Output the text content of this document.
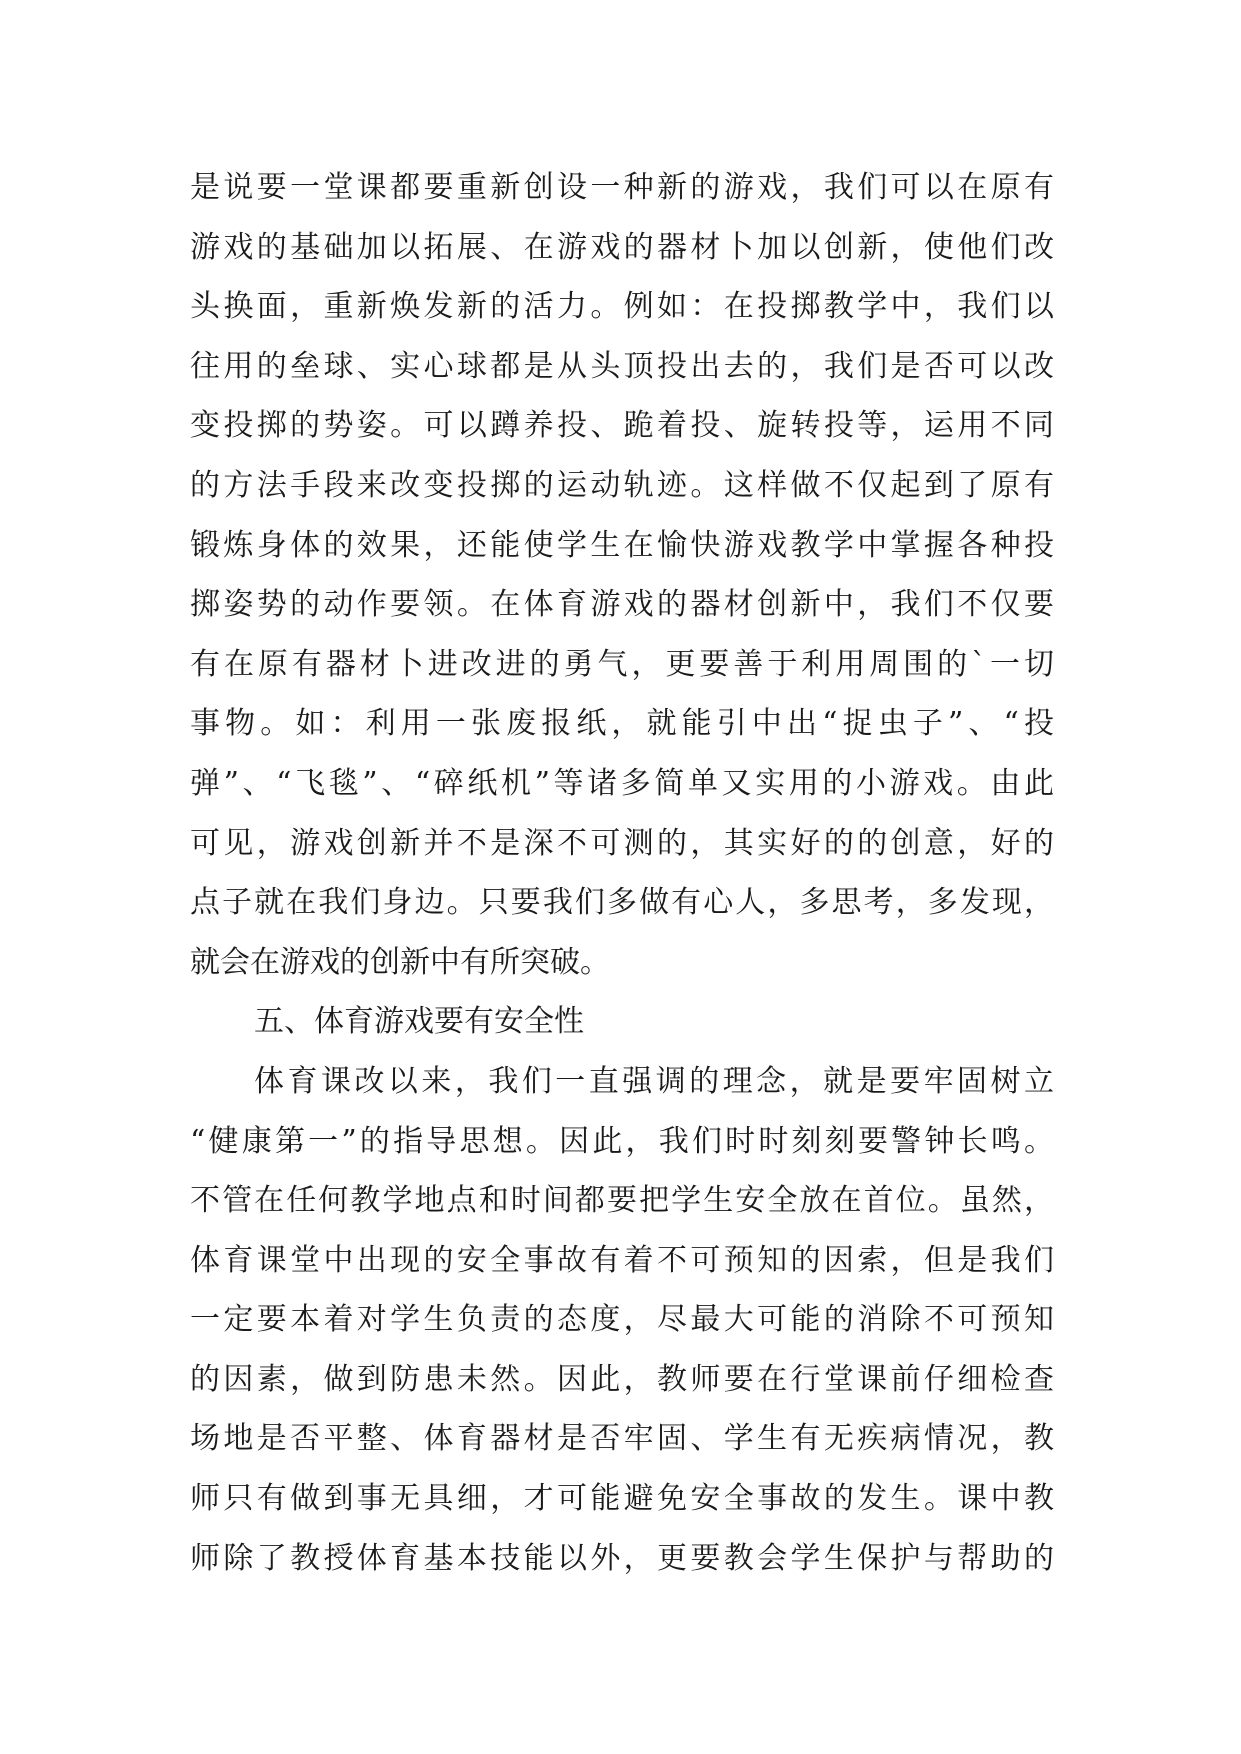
是说要一堂课都要重新创设一种新的游戏，我们可以在原有
游戏的基础加以拓展、在游戏的器材卜加以创新，使他们改
头换面，重新焕发新的活力。例如：在投掷教学中，我们以
往用的垒球、实心球都是从头顶投出去的，我们是否可以改
变投掷的势姿。可以蹲养投、跪着投、旋转投等，运用不同
的方法手段来改变投掷的运动轨迹。这样做不仅起到了原有
锻炼身体的效果，还能使学生在愉快游戏教学中掌握各种投
掷姿势的动作要领。在体育游戏的器材创新中，我们不仅要
有在原有器材卜进改进的勇气，更要善于利用周围的`一切
事物。如：利用一张废报纸，就能引中出“捉虫子”、“投
弹”、“飞毯”、“碎纸机”等诸多简单又实用的小游戏。由此
可见，游戏创新并不是深不可测的，其实好的的创意，好的
点子就在我们身边。只要我们多做有心人，多思考，多发现，
就会在游戏的创新中有所突破。
五、体育游戏要有安全性
体育课改以来，我们一直强调的理念，就是要牢固树立
“健康第一”的指导思想。因此，我们时时刻刻要警钟长鸣。
不管在任何教学地点和时间都要把学生安全放在首位。虽然，
体育课堂中出现的安全事故有着不可预知的因索，但是我们
一定要本着对学生负责的态度，尽最大可能的消除不可预知
的因素，做到防患未然。因此，教师要在行堂课前仔细检查
场地是否平整、体育器材是否牢固、学生有无疾病情况，教
师只有做到事无具细，才可能避免安全事故的发生。课中教
师除了教授体育基本技能以外，更要教会学生保护与帮助的
